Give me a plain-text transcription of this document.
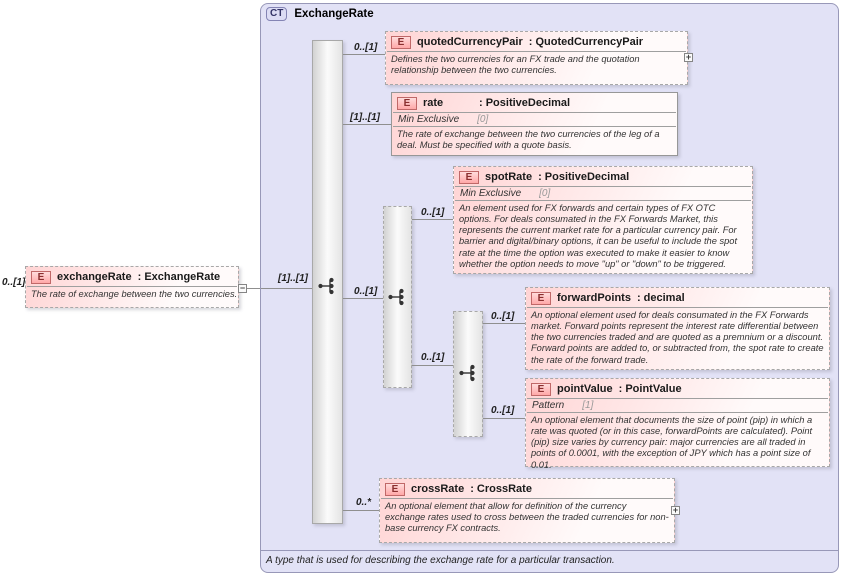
CT ExchangeRate
A type that is used for describing the exchange rate for a particular transaction.
0..[1]	E	exchangeRate : ExchangeRate
The rate of exchange between the two currencies.
−
[1]..[1]
0..[1]	E	quotedCurrencyPair : QuotedCurrencyPair
Defines the two currencies for an FX trade and the quotation relationship between the two currencies.
+
[1]..[1]
E	rate	: PositiveDecimal
Min Exclusive [0]
The rate of exchange between the two currencies of the leg of a deal. Must be specified with a quote basis.
0..[1]
0..[1]
E	spotRate : PositiveDecimal
Min Exclusive [0]
An element used for FX forwards and certain types of FX OTC options. For deals consumated in the FX Forwards Market, this represents the current market rate for a particular currency pair. For barrier and digital/binary options, it can be useful to include the spot rate at the time the option was executed to make it easier to know whether the option needs to move "up" or "down" to be triggered.
0..[1]
0..[1]
E	forwardPoints : decimal
An optional element used for deals consumated in the FX Forwards market. Forward points represent the interest rate differential between the two currencies traded and are quoted as a premnium or a discount. Forward points are added to, or subtracted from, the spot rate to create the rate of the forward trade.
0..[1]
E	pointValue : PointValue
Pattern [1]
An optional element that documents the size of point (pip) in which a rate was quoted (or in this case, forwardPoints are calculated). Point (pip) size varies by currency pair: major currencies are all traded in points of 0.0001, with the exception of JPY which has a point size of 0.01.
0..*
E	crossRate : CrossRate
An optional element that allow for definition of the currency exchange rates used to cross between the traded currencies for non-base currency FX contracts.
+
